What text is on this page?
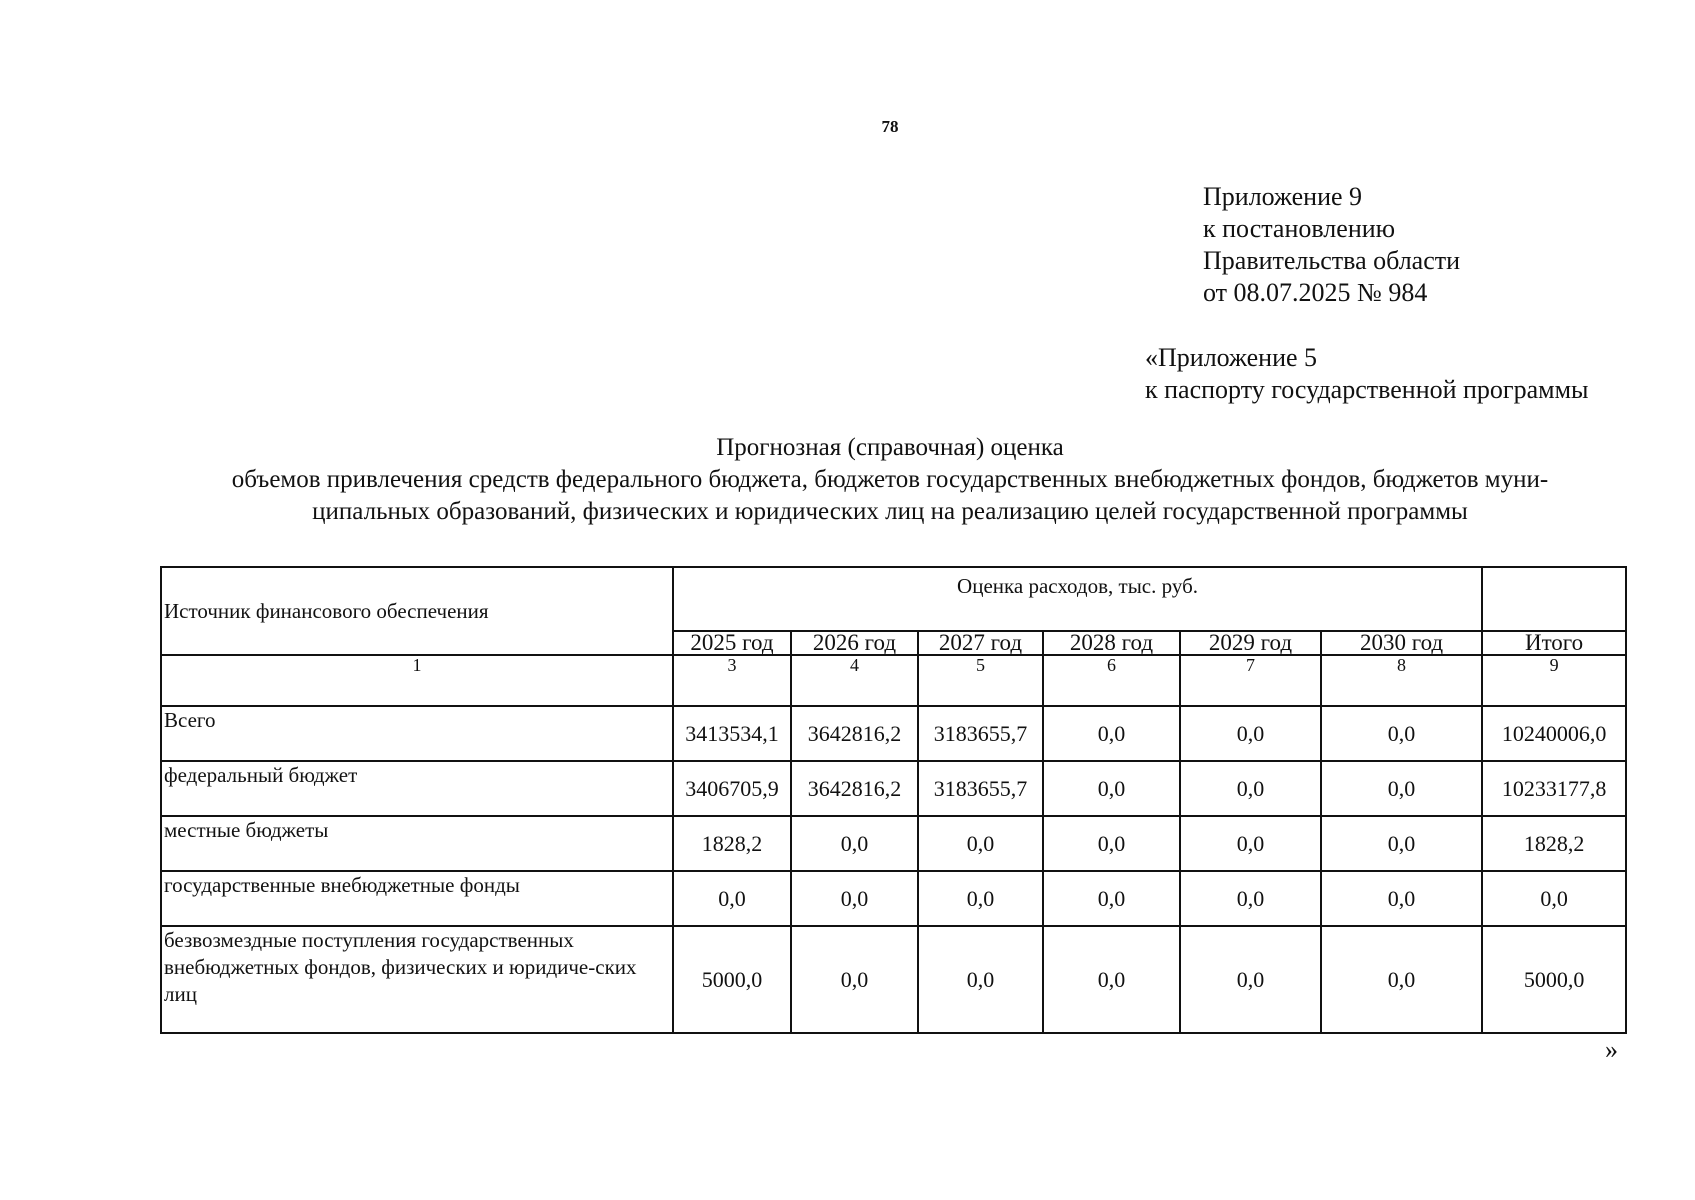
78
Приложение 9
к постановлению
Правительства области
от 08.07.2025 № 984
«Приложение 5
к паспорту государственной программы
Прогнозная (справочная) оценка
объемов привлечения средств федерального бюджета, бюджетов государственных внебюджетных фондов, бюджетов муни-
ципальных образований, физических и юридических лиц на реализацию целей государственной программы
Источник финансового обеспечения	Оценка расходов, тыс. руб.						
	2025 год	2026 год	2027 год	2028 год	2029 год	2030 год	Итого
1	3	4	5	6	7	8	9
Всего	3413534,1	3642816,2	3183655,7	0,0	0,0	0,0	10240006,0
федеральный бюджет	3406705,9	3642816,2	3183655,7	0,0	0,0	0,0	10233177,8
местные бюджеты	1828,2	0,0	0,0	0,0	0,0	0,0	1828,2
государственные внебюджетные фонды	0,0	0,0	0,0	0,0	0,0	0,0	0,0
безвозмездные поступления государственных внебюджетных фондов, физических и юридиче-ских лиц	5000,0	0,0	0,0	0,0	0,0	0,0	5000,0
»
